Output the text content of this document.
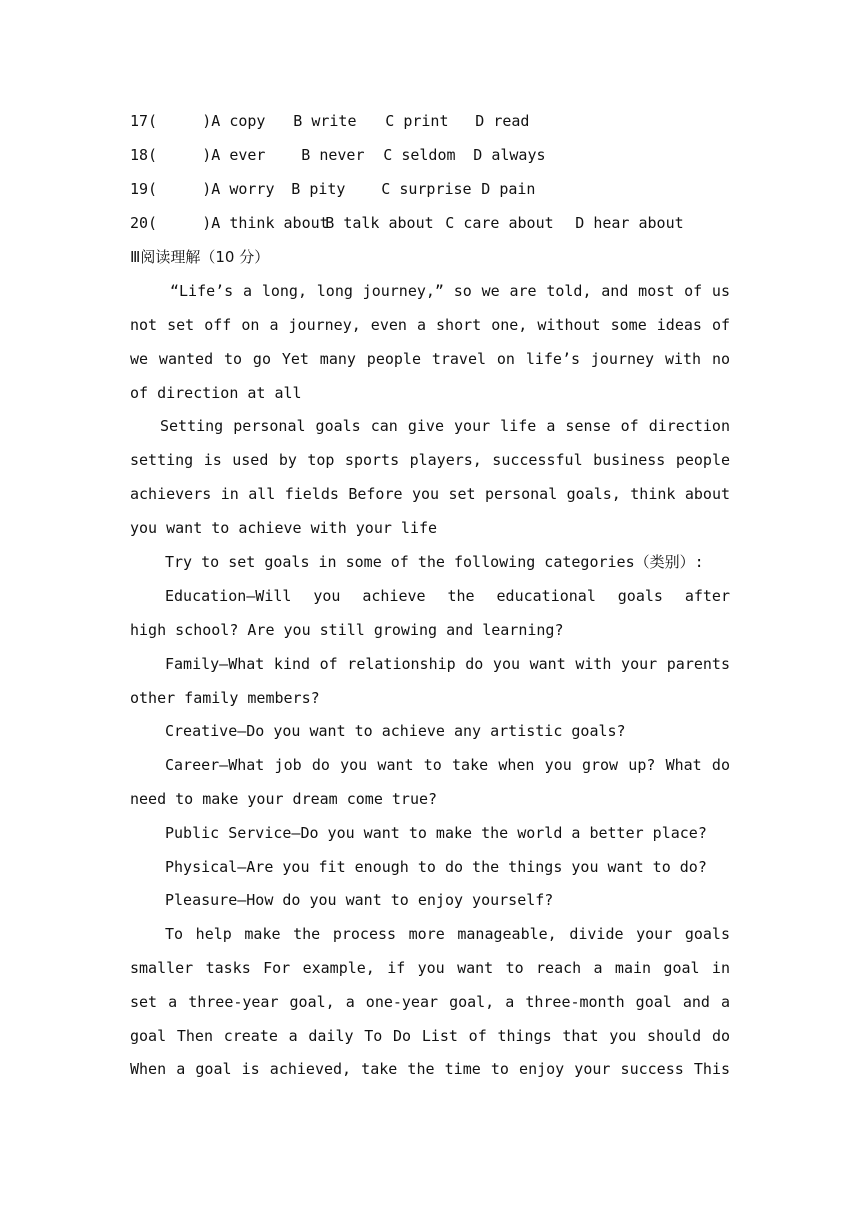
17( ) A copy B write C print D read
18( ) A ever B never C seldom D always
19( ) A worry B pity	C surprise D pain
20( ) A think about
B talk about C care about D hear about
Ⅲ阅读理解（10 分）
“Life’s a long, long journey,” so we are told, and most of us
not set off on a journey, even a short one, without some ideas of
we wanted to go Yet many people travel on life’s journey with no
of direction at all
Setting personal goals can give your life a sense of direction
setting is used by top sports players, successful business people
achievers in all fields Before you set personal goals, think about
you want to achieve with your life
Try to set goals in some of the following categories（类别）:
Education—Will you achieve the educational goals after
high school? Are you still growing and learning?
Family—What kind of relationship do you want with your parents
other family members?
Creative—Do you want to achieve any artistic goals?
Career—What job do you want to take when you grow up? What do
need to make your dream come true?
Public Service—Do you want to make the world a better place?
Physical—Are you fit enough to do the things you want to do?
Pleasure—How do you want to enjoy yourself?
To help make the process more manageable, divide your goals
smaller tasks For example, if you want to reach a main goal in
set a three-year goal, a one-year goal, a three-month goal and a
goal Then create a daily To Do List of things that you should do
When a goal is achieved, take the time to enjoy your success This
